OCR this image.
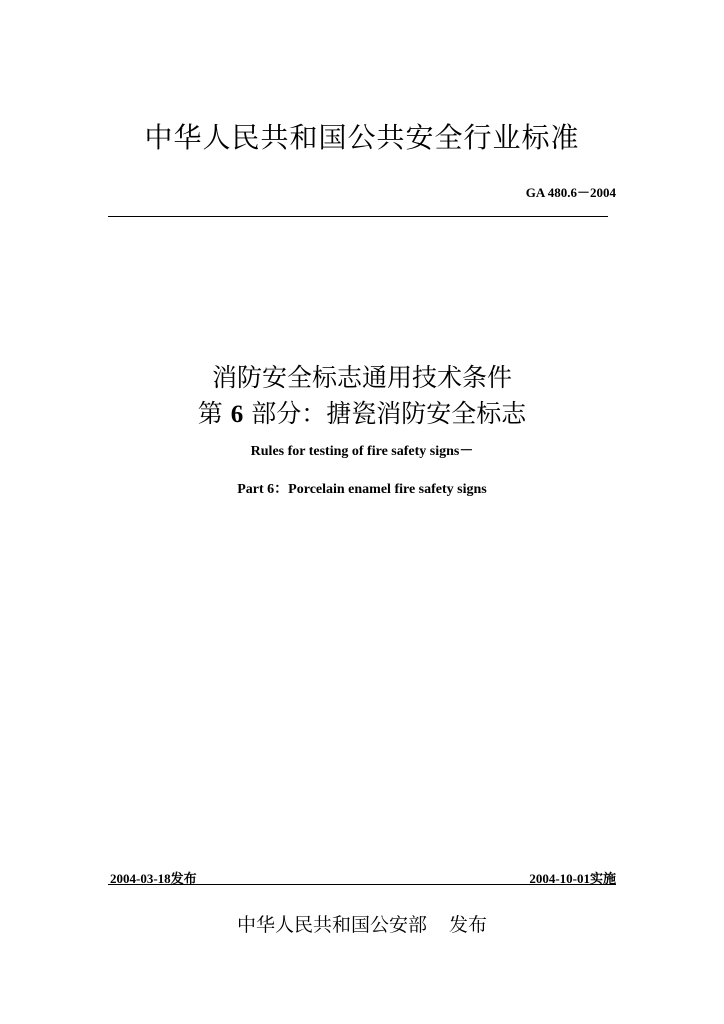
中华人民共和国公共安全行业标准
GA 480.6－2004
消防安全标志通用技术条件
第 6 部分：搪瓷消防安全标志
Rules for testing of fire safety signs－
Part 6：Porcelain enamel fire safety signs
2004-03-18发布	2004-10-01实施
中华人民共和国公安部 发布
